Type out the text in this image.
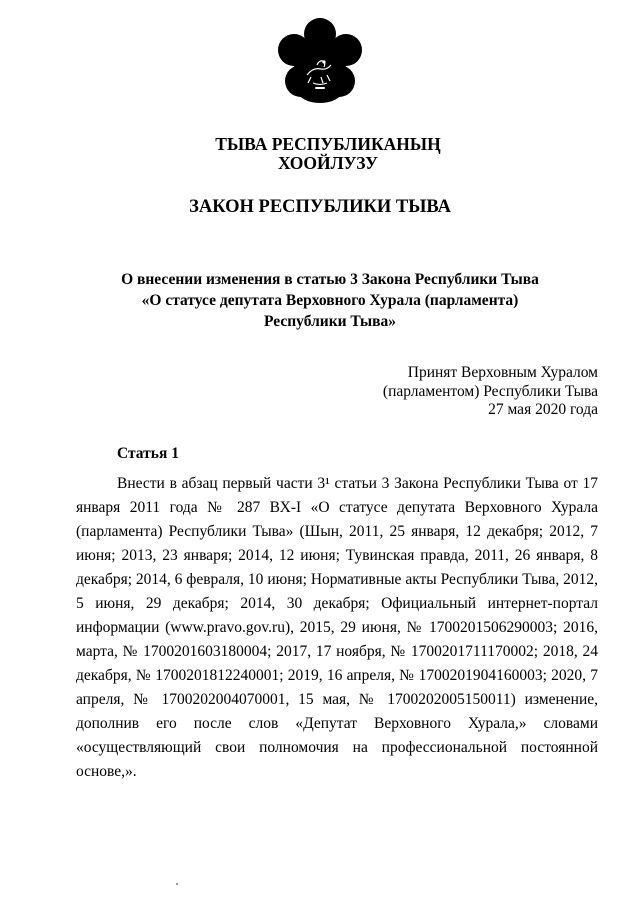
ТЫВА РЕСПУБЛИКАНЫҢ
ХООЙЛУЗУ
ЗАКОН РЕСПУБЛИКИ ТЫВА
О внесении изменения в статью 3 Закона Республики Тыва
«О статусе депутата Верховного Хурала (парламента)
Республики Тыва»
Принят Верховным Хуралом
(парламентом) Республики Тыва
27 мая 2020 года
Статья 1
Внести в абзац первый части 3¹ статьи 3 Закона Республики Тыва от 17
января 2011 года № 287 ВХ-I «О статусе депутата Верховного Хурала
(парламента) Республики Тыва» (Шын, 2011, 25 января, 12 декабря; 2012, 7
июня; 2013, 23 января; 2014, 12 июня; Тувинская правда, 2011, 26 января, 8
декабря; 2014, 6 февраля, 10 июня; Нормативные акты Республики Тыва, 2012,
5 июня, 29 декабря; 2014, 30 декабря; Официальный интернет-портал
информации (www.pravo.gov.ru), 2015, 29 июня, № 1700201506290003; 2016,
марта, № 1700201603180004; 2017, 17 ноября, № 1700201711170002; 2018, 24
декабря, № 1700201812240001; 2019, 16 апреля, № 1700201904160003; 2020, 7
апреля, № 1700202004070001, 15 мая, № 1700202005150011) изменение,
дополнив его после слов «Депутат Верховного Хурала,» словами
«осуществляющий свои полномочия на профессиональной постоянной
основе,».
